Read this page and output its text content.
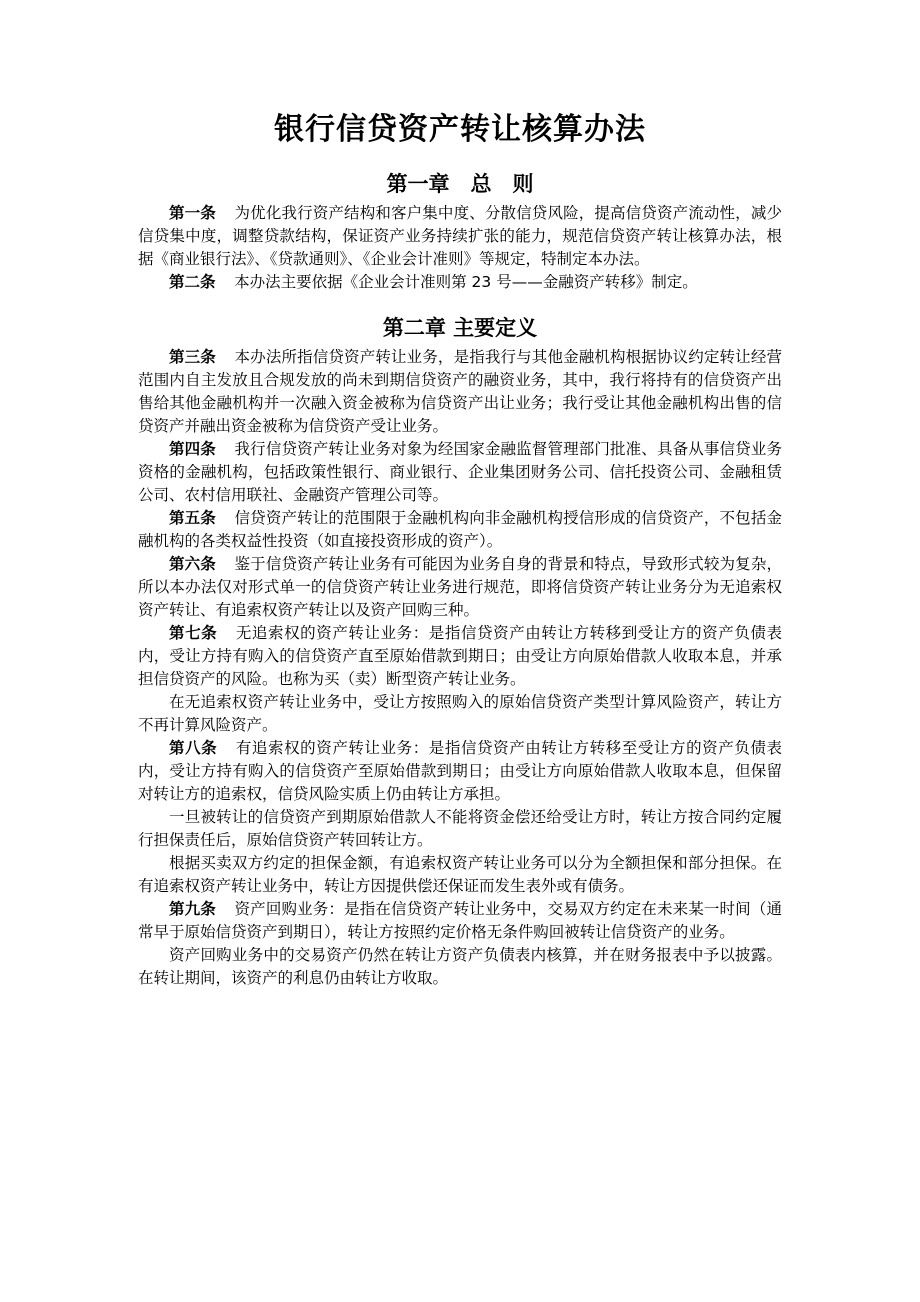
银行信贷资产转让核算办法
第一章　总　则

第一条 为优化我行资产结构和客户集中度、分散信贷风险，提高信贷资产流动性，减少信贷集中度，调整贷款结构，保证资产业务持续扩张的能力，规范信贷资产转让核算办法，根据《商业银行法》、《贷款通则》、《企业会计准则》等规定，特制定本办法。

第二条 本办法主要依据《企业会计准则第 23 号——金融资产转移》制定。

第二章 主要定义

第三条 本办法所指信贷资产转让业务，是指我行与其他金融机构根据协议约定转让经营范围内自主发放且合规发放的尚未到期信贷资产的融资业务，其中，我行将持有的信贷资产出售给其他金融机构并一次融入资金被称为信贷资产出让业务；我行受让其他金融机构出售的信贷资产并融出资金被称为信贷资产受让业务。

第四条 我行信贷资产转让业务对象为经国家金融监督管理部门批准、具备从事信贷业务资格的金融机构，包括政策性银行、商业银行、企业集团财务公司、信托投资公司、金融租赁公司、农村信用联社、金融资产管理公司等。

第五条 信贷资产转让的范围限于金融机构向非金融机构授信形成的信贷资产，不包括金融机构的各类权益性投资（如直接投资形成的资产）。

第六条 鉴于信贷资产转让业务有可能因为业务自身的背景和特点，导致形式较为复杂，所以本办法仅对形式单一的信贷资产转让业务进行规范，即将信贷资产转让业务分为无追索权资产转让、有追索权资产转让以及资产回购三种。

第七条 无追索权的资产转让业务：是指信贷资产由转让方转移到受让方的资产负债表内，受让方持有购入的信贷资产直至原始借款到期日；由受让方向原始借款人收取本息，并承担信贷资产的风险。也称为买（卖）断型资产转让业务。

在无追索权资产转让业务中，受让方按照购入的原始信贷资产类型计算风险资产，转让方不再计算风险资产。

第八条 有追索权的资产转让业务：是指信贷资产由转让方转移至受让方的资产负债表内，受让方持有购入的信贷资产至原始借款到期日；由受让方向原始借款人收取本息，但保留对转让方的追索权，信贷风险实质上仍由转让方承担。

一旦被转让的信贷资产到期原始借款人不能将资金偿还给受让方时，转让方按合同约定履行担保责任后，原始信贷资产转回转让方。

根据买卖双方约定的担保金额，有追索权资产转让业务可以分为全额担保和部分担保。在有追索权资产转让业务中，转让方因提供偿还保证而发生表外或有债务。

第九条 资产回购业务：是指在信贷资产转让业务中，交易双方约定在未来某一时间（通常早于原始信贷资产到期日），转让方按照约定价格无条件购回被转让信贷资产的业务。

资产回购业务中的交易资产仍然在转让方资产负债表内核算，并在财务报表中予以披露。在转让期间，该资产的利息仍由转让方收取。
